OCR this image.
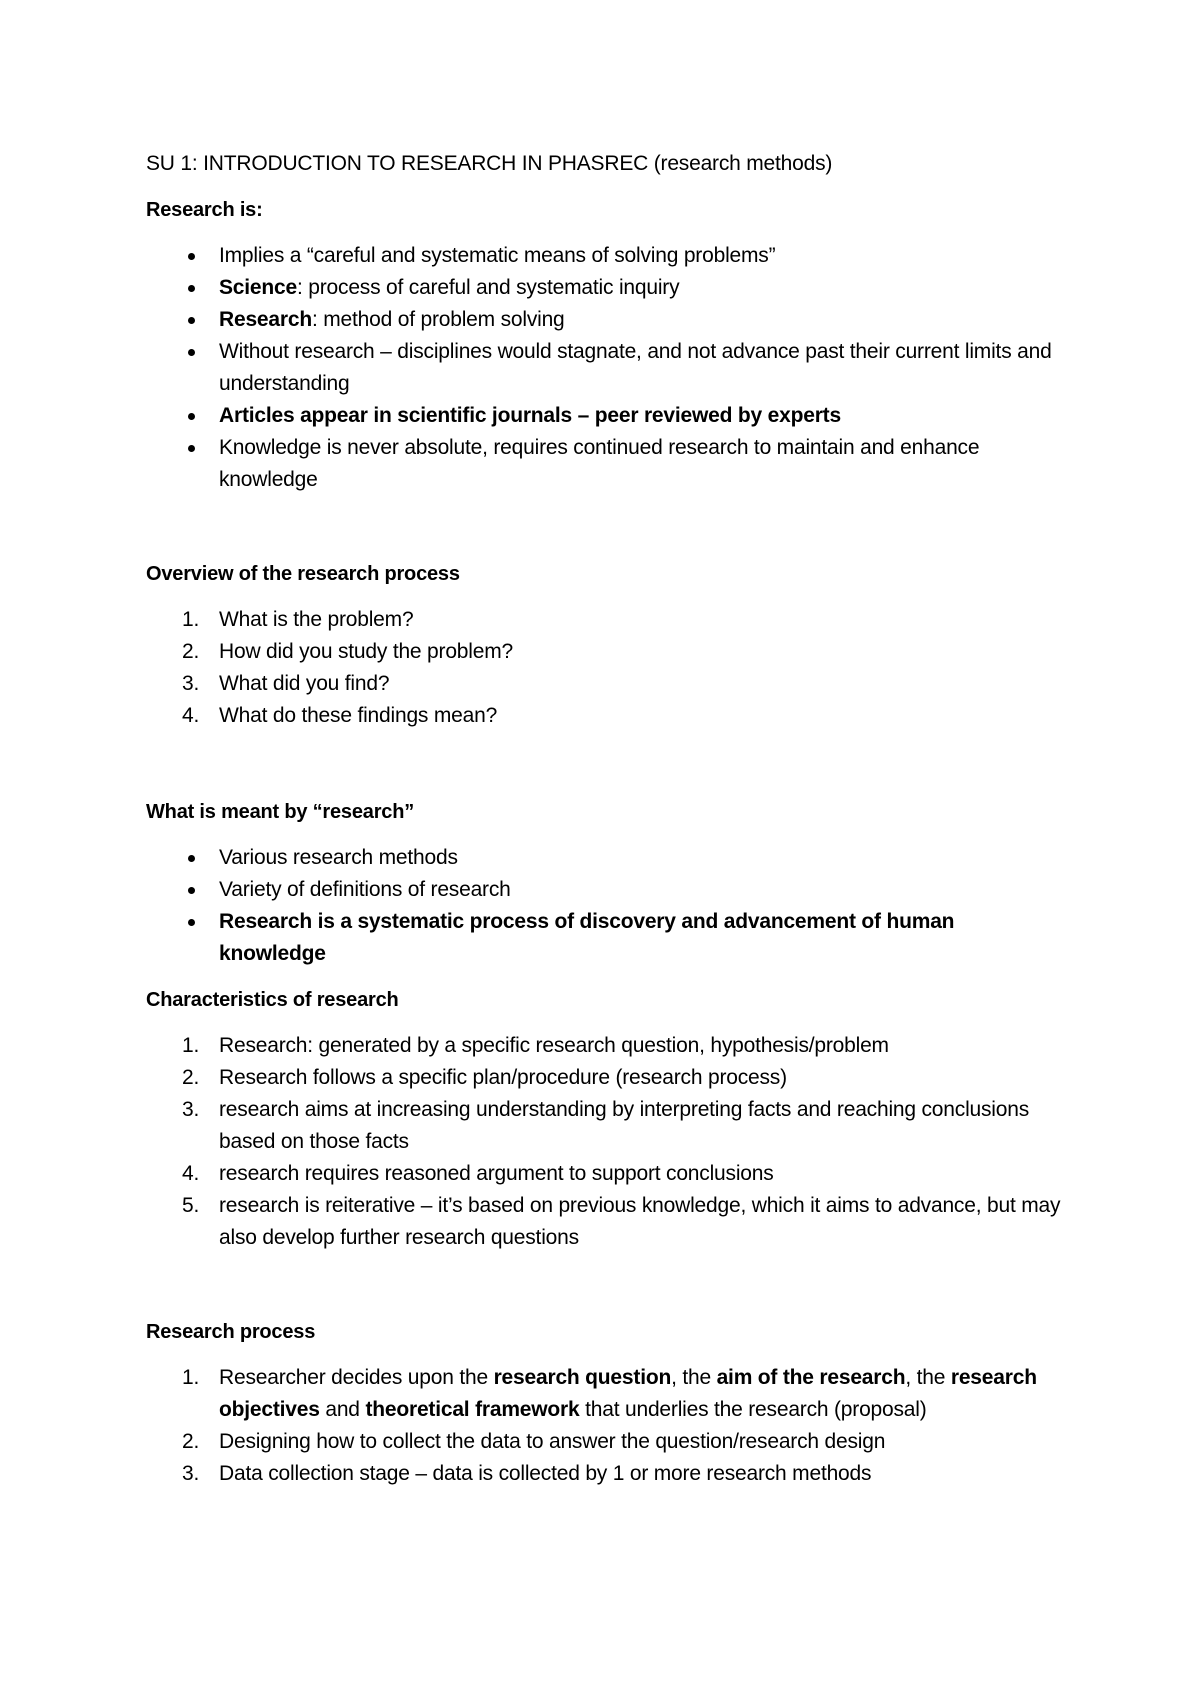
SU 1: INTRODUCTION TO RESEARCH IN PHASREC (research methods)
Research is:
Implies a “careful and systematic means of solving problems”
Science: process of careful and systematic inquiry
Research: method of problem solving
Without research – disciplines would stagnate, and not advance past their current limits and understanding
Articles appear in scientific journals – peer reviewed by experts
Knowledge is never absolute, requires continued research to maintain and enhance knowledge
Overview of the research process
1. What is the problem?
2. How did you study the problem?
3. What did you find?
4. What do these findings mean?
What is meant by “research”
Various research methods
Variety of definitions of research
Research is a systematic process of discovery and advancement of human knowledge
Characteristics of research
1. Research: generated by a specific research question, hypothesis/problem
2. Research follows a specific plan/procedure (research process)
3. research aims at increasing understanding by interpreting facts and reaching conclusions based on those facts
4. research requires reasoned argument to support conclusions
5. research is reiterative – it’s based on previous knowledge, which it aims to advance, but may also develop further research questions
Research process
1. Researcher decides upon the research question, the aim of the research, the research objectives and theoretical framework that underlies the research (proposal)
2. Designing how to collect the data to answer the question/research design
3. Data collection stage – data is collected by 1 or more research methods
